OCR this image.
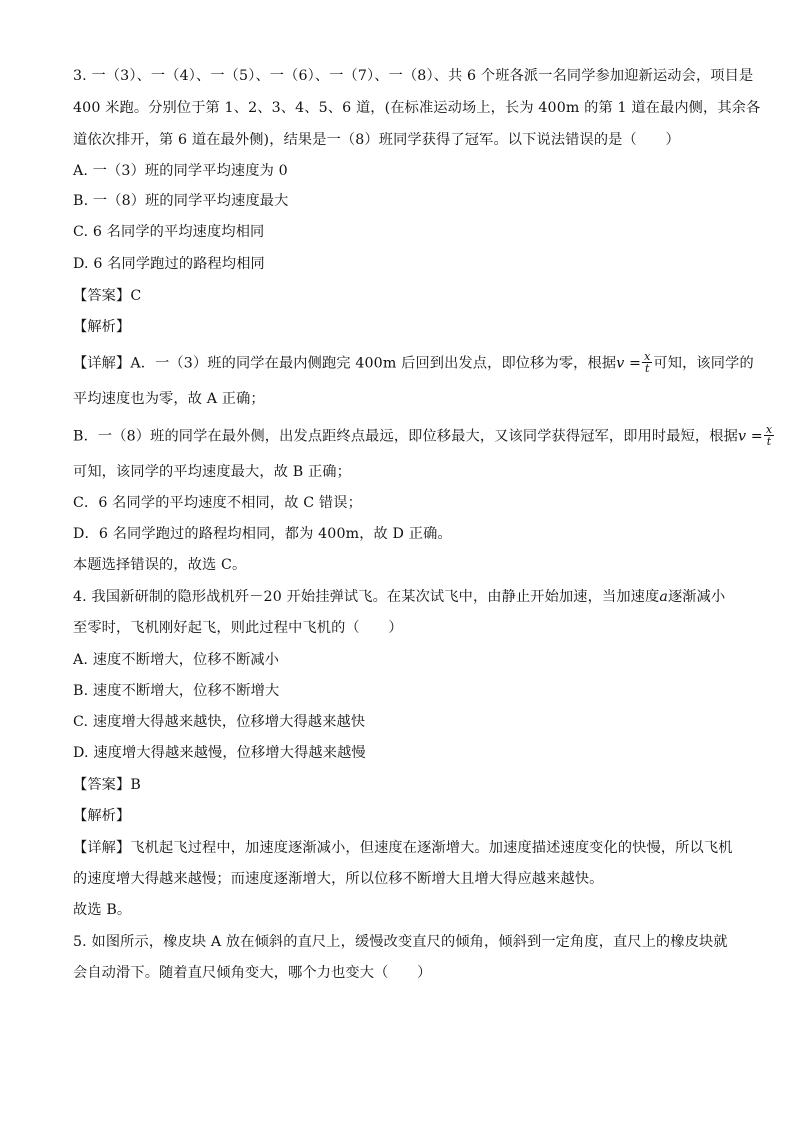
3. 一（3）、一（4）、一（5）、一（6）、一（7）、一（8）、共 6 个班各派一名同学参加迎新运动会，项目是
400 米跑。分别位于第 1、2、3、4、5、6 道，(在标准运动场上，长为 400m 的第 1 道在最内侧，其余各
道依次排开，第 6 道在最外侧)，结果是一（8）班同学获得了冠军。以下说法错误的是（　　）
A. 一（3）班的同学平均速度为 0
B. 一（8）班的同学平均速度最大
C. 6 名同学的平均速度均相同
D. 6 名同学跑过的路程均相同
【答案】C
【解析】
【详解】A．一（3）班的同学在最内侧跑完 400m 后回到出发点，即位移为零，根据$v = \frac{x}{t}$ 可知，该同学的
平均速度也为零，故 A 正确；
B．一（8）班的同学在最外侧，出发点距终点最远，即位移最大，又该同学获得冠军，即用时最短，根据$v = \frac{x}{t}$
可知，该同学的平均速度最大，故 B 正确；
C．6 名同学的平均速度不相同，故 C 错误；
D．6 名同学跑过的路程均相同，都为 400m，故 D 正确。
本题选择错误的，故选 C。
4. 我国新研制的隐形战机歼－20 开始挂弹试飞。在某次试飞中，由静止开始加速，当加速度a逐渐减小
至零时，飞机刚好起飞，则此过程中飞机的（　　）
A. 速度不断增大，位移不断减小
B. 速度不断增大，位移不断增大
C. 速度增大得越来越快，位移增大得越来越快
D. 速度增大得越来越慢，位移增大得越来越慢
【答案】B
【解析】
【详解】飞机起飞过程中，加速度逐渐减小，但速度在逐渐增大。加速度描述速度变化的快慢，所以飞机
的速度增大得越来越慢；而速度逐渐增大，所以位移不断增大且增大得应越来越快。
故选 B。
5. 如图所示，橡皮块 A 放在倾斜的直尺上，缓慢改变直尺的倾角，倾斜到一定角度，直尺上的橡皮块就
会自动滑下。随着直尺倾角变大，哪个力也变大（　　）
